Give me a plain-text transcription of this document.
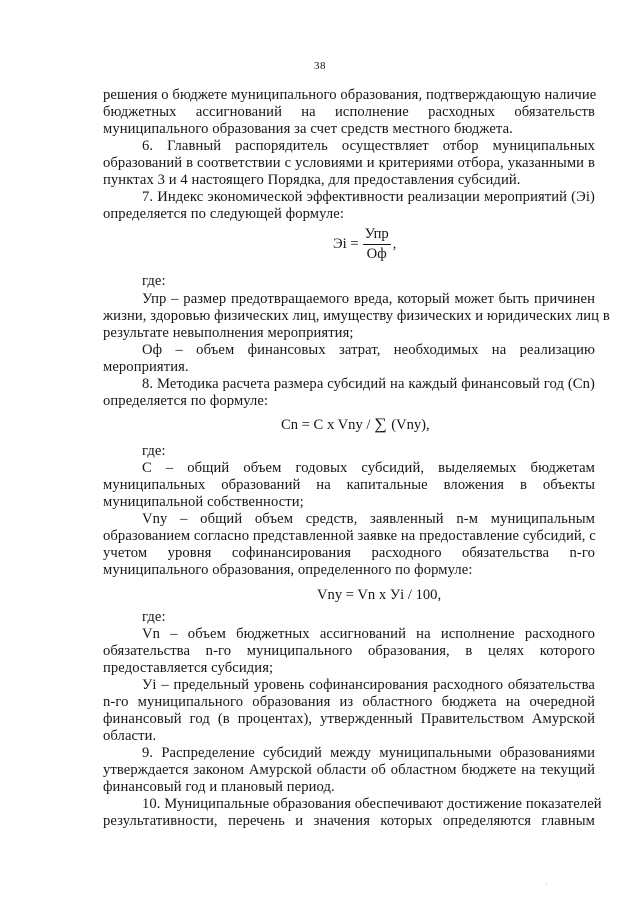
38
решения о бюджете муниципального образования, подтверждающую наличие
бюджетных ассигнований на исполнение расходных обязательств
муниципального образования за счет средств местного бюджета.
6. Главный распорядитель осуществляет отбор муниципальных
образований в соответствии с условиями и критериями отбора, указанными в
пунктах 3 и 4 настоящего Порядка, для предоставления субсидий.
7. Индекс экономической эффективности реализации мероприятий (Эi)
определяется по следующей формуле:
Эi = $\frac{\text{Упр}}{Оф}$ ,
где:
Упр – размер предотвращаемого вреда, который может быть причинен
жизни, здоровью физических лиц, имуществу физических и юридических лиц в
результате невыполнения мероприятия;
Оф – объем финансовых затрат, необходимых на реализацию
мероприятия.
8. Методика расчета размера субсидий на каждый финансовый год (Cn)
определяется по формуле:
Cn = C x Vny / ∑ (Vny),
где:
С – общий объем годовых субсидий, выделяемых бюджетам
муниципальных образований на капитальные вложения в объекты
муниципальной собственности;
Vny – общий объем средств, заявленный n-м муниципальным
образованием согласно представленной заявке на предоставление субсидий, с
учетом уровня софинансирования расходного обязательства n-го
муниципального образования, определенного по формуле:
Vny = Vn x Уi / 100,
где:
Vn – объем бюджетных ассигнований на исполнение расходного
обязательства n-го муниципального образования, в целях которого
предоставляется субсидия;
Уi – предельный уровень софинансирования расходного обязательства
n-го муниципального образования из областного бюджета на очередной
финансовый год (в процентах), утвержденный Правительством Амурской
области.
9. Распределение субсидий между муниципальными образованиями
утверждается законом Амурской области об областном бюджете на текущий
финансовый год и плановый период.
10. Муниципальные образования обеспечивают достижение показателей
результативности, перечень и значения которых определяются главным
·
